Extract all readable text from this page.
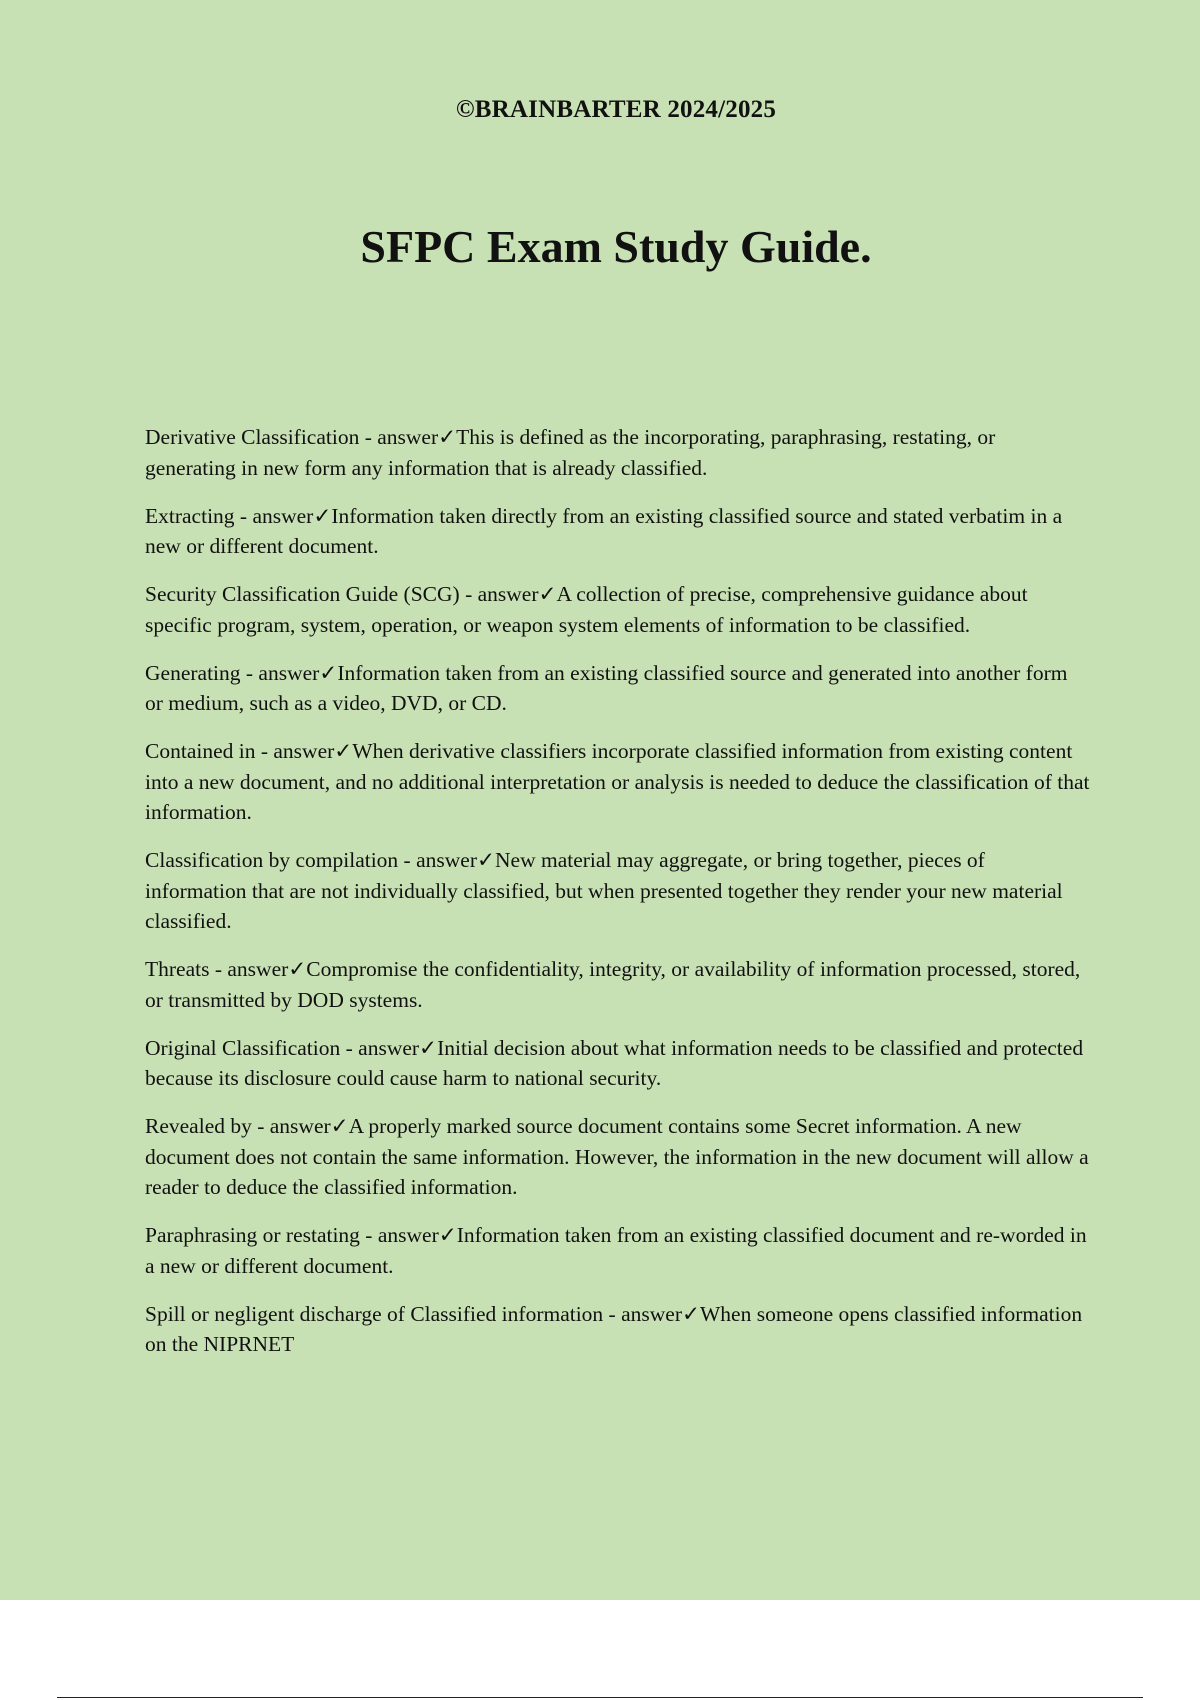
©BRAINBARTER 2024/2025
SFPC Exam Study Guide.
Derivative Classification - answer✓This is defined as the incorporating, paraphrasing, restating, or generating in new form any information that is already classified.
Extracting - answer✓Information taken directly from an existing classified source and stated verbatim in a new or different document.
Security Classification Guide (SCG) - answer✓A collection of precise, comprehensive guidance about specific program, system, operation, or weapon system elements of information to be classified.
Generating - answer✓Information taken from an existing classified source and generated into another form or medium, such as a video, DVD, or CD.
Contained in - answer✓When derivative classifiers incorporate classified information from existing content into a new document, and no additional interpretation or analysis is needed to deduce the classification of that information.
Classification by compilation - answer✓New material may aggregate, or bring together, pieces of information that are not individually classified, but when presented together they render your new material classified.
Threats - answer✓Compromise the confidentiality, integrity, or availability of information processed, stored, or transmitted by DOD systems.
Original Classification - answer✓Initial decision about what information needs to be classified and protected because its disclosure could cause harm to national security.
Revealed by - answer✓A properly marked source document contains some Secret information. A new document does not contain the same information. However, the information in the new document will allow a reader to deduce the classified information.
Paraphrasing or restating - answer✓Information taken from an existing classified document and re-worded in a new or different document.
Spill or negligent discharge of Classified information - answer✓When someone opens classified information on the NIPRNET
